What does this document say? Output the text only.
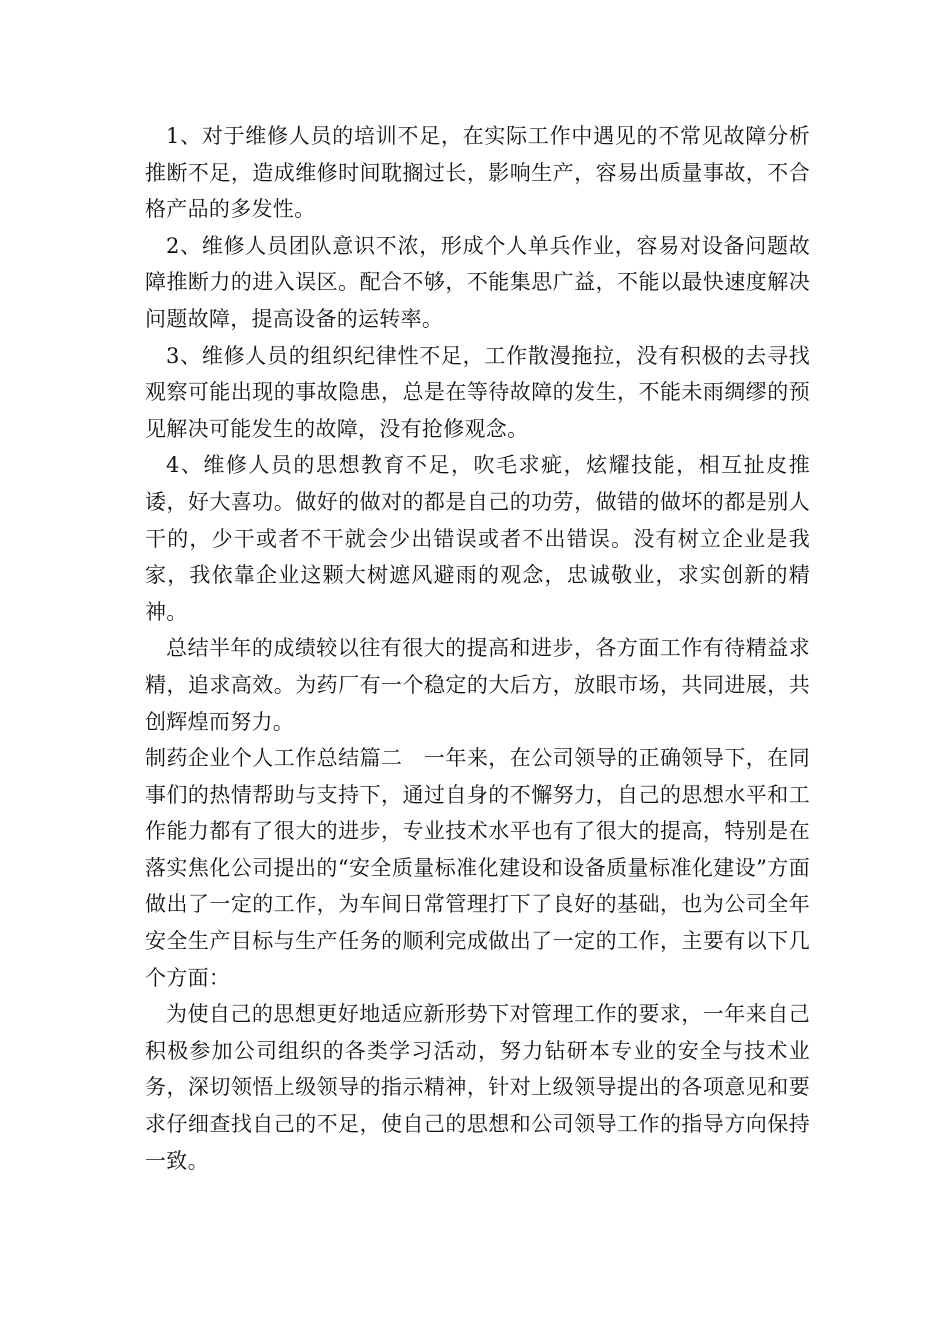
1、对于维修人员的培训不足，在实际工作中遇见的不常见故障分析推断不足，造成维修时间耽搁过长，影响生产，容易出质量事故，不合格产品的多发性。

2、维修人员团队意识不浓，形成个人单兵作业，容易对设备问题故障推断力的进入误区。配合不够，不能集思广益，不能以最快速度解决问题故障，提高设备的运转率。

3、维修人员的组织纪律性不足，工作散漫拖拉，没有积极的去寻找观察可能出现的事故隐患，总是在等待故障的发生，不能未雨绸缪的预见解决可能发生的故障，没有抢修观念。

4、维修人员的思想教育不足，吹毛求疵，炫耀技能，相互扯皮推诿，好大喜功。做好的做对的都是自己的功劳，做错的做坏的都是别人干的，少干或者不干就会少出错误或者不出错误。没有树立企业是我家，我依靠企业这颗大树遮风避雨的观念，忠诚敬业，求实创新的精神。

总结半年的成绩较以往有很大的提高和进步，各方面工作有待精益求精，追求高效。为药厂有一个稳定的大后方，放眼市场，共同进展，共创辉煌而努力。

制药企业个人工作总结篇二　一年来，在公司领导的正确领导下，在同事们的热情帮助与支持下，通过自身的不懈努力，自己的思想水平和工作能力都有了很大的进步，专业技术水平也有了很大的提高，特别是在落实焦化公司提出的“安全质量标准化建设和设备质量标准化建设”方面做出了一定的工作，为车间日常管理打下了良好的基础，也为公司全年安全生产目标与生产任务的顺利完成做出了一定的工作，主要有以下几个方面：

为使自己的思想更好地适应新形势下对管理工作的要求，一年来自己积极参加公司组织的各类学习活动，努力钻研本专业的安全与技术业务，深切领悟上级领导的指示精神，针对上级领导提出的各项意见和要求仔细查找自己的不足，使自己的思想和公司领导工作的指导方向保持一致。
